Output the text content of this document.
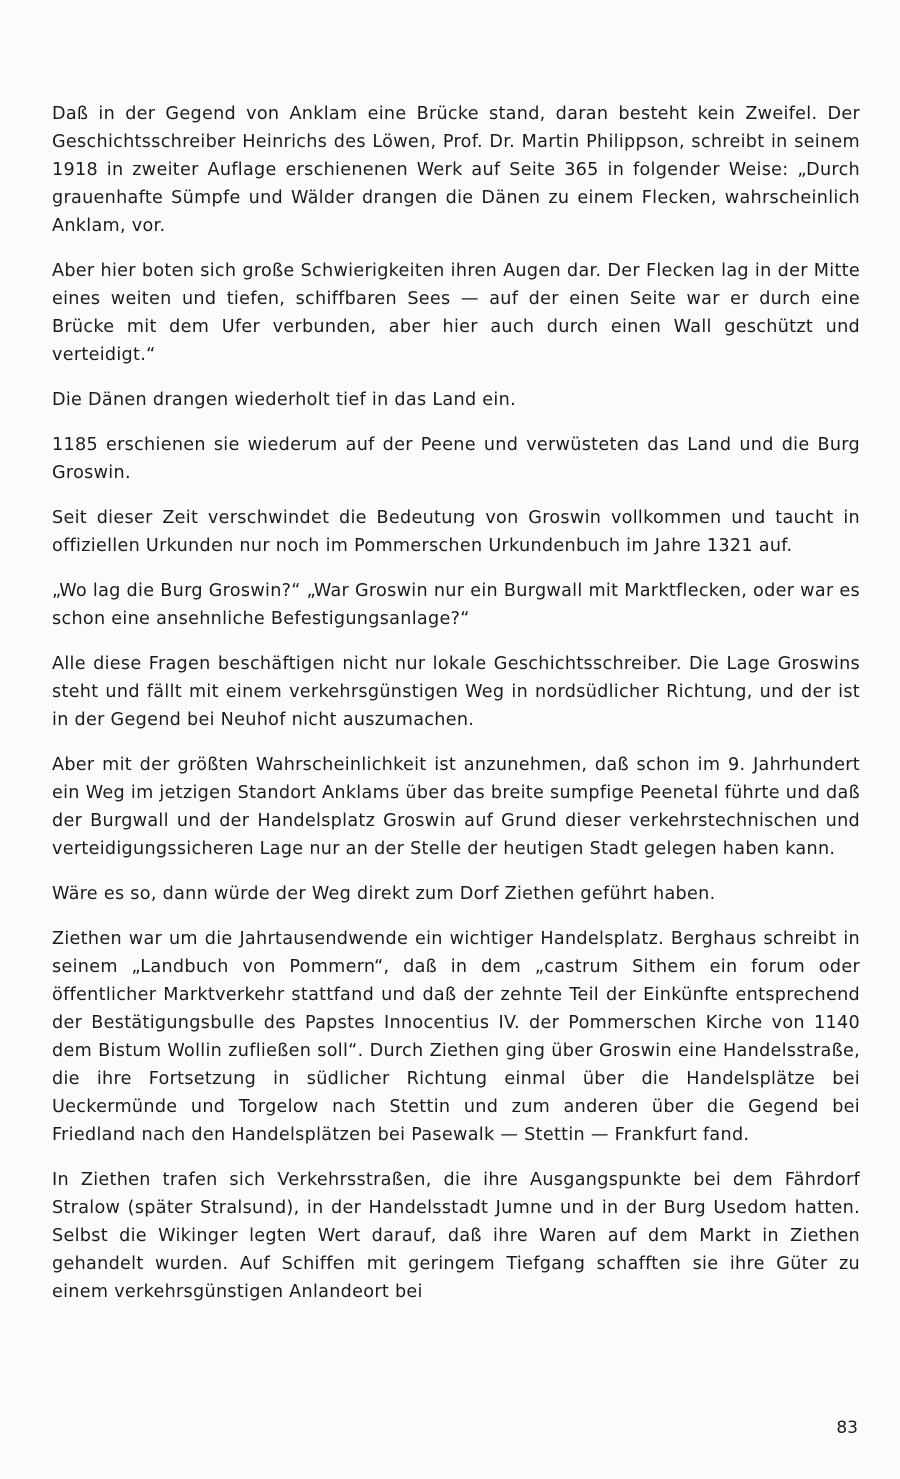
Daß in der Gegend von Anklam eine Brücke stand, daran besteht kein Zweifel. Der Geschichtsschreiber Heinrichs des Löwen, Prof. Dr. Martin Philippson, schreibt in seinem 1918 in zweiter Auflage erschienenen Werk auf Seite 365 in folgender Weise: „Durch grauenhafte Sümpfe und Wälder drangen die Dänen zu einem Flecken, wahrscheinlich Anklam, vor.

Aber hier boten sich große Schwierigkeiten ihren Augen dar. Der Flecken lag in der Mitte eines weiten und tiefen, schiffbaren Sees — auf der einen Seite war er durch eine Brücke mit dem Ufer verbunden, aber hier auch durch einen Wall geschützt und verteidigt.“

Die Dänen drangen wiederholt tief in das Land ein.

1185 erschienen sie wiederum auf der Peene und verwüsteten das Land und die Burg Groswin.

Seit dieser Zeit verschwindet die Bedeutung von Groswin vollkommen und taucht in offiziellen Urkunden nur noch im Pommerschen Urkundenbuch im Jahre 1321 auf.

„Wo lag die Burg Groswin?“ „War Groswin nur ein Burgwall mit Marktflecken, oder war es schon eine ansehnliche Befestigungsanlage?“

Alle diese Fragen beschäftigen nicht nur lokale Geschichtsschreiber. Die Lage Groswins steht und fällt mit einem verkehrsgünstigen Weg in nordsüdlicher Richtung, und der ist in der Gegend bei Neuhof nicht auszumachen.

Aber mit der größten Wahrscheinlichkeit ist anzunehmen, daß schon im 9. Jahrhundert ein Weg im jetzigen Standort Anklams über das breite sumpfige Peenetal führte und daß der Burgwall und der Handelsplatz Groswin auf Grund dieser verkehrstechnischen und verteidigungssicheren Lage nur an der Stelle der heutigen Stadt gelegen haben kann.

Wäre es so, dann würde der Weg direkt zum Dorf Ziethen geführt haben.

Ziethen war um die Jahrtausendwende ein wichtiger Handelsplatz. Berghaus schreibt in seinem „Landbuch von Pommern“, daß in dem „castrum Sithem ein forum oder öffentlicher Marktverkehr stattfand und daß der zehnte Teil der Einkünfte entsprechend der Bestätigungsbulle des Papstes Innocentius IV. der Pommerschen Kirche von 1140 dem Bistum Wollin zufließen soll“. Durch Ziethen ging über Groswin eine Handelsstraße, die ihre Fortsetzung in südlicher Richtung einmal über die Handelsplätze bei Ueckermünde und Torgelow nach Stettin und zum anderen über die Gegend bei Friedland nach den Handelsplätzen bei Pasewalk — Stettin — Frankfurt fand.

In Ziethen trafen sich Verkehrsstraßen, die ihre Ausgangspunkte bei dem Fährdorf Stralow (später Stralsund), in der Handelsstadt Jumne und in der Burg Usedom hatten. Selbst die Wikinger legten Wert darauf, daß ihre Waren auf dem Markt in Ziethen gehandelt wurden. Auf Schiffen mit geringem Tiefgang schafften sie ihre Güter zu einem verkehrsgünstigen Anlandeort bei

83
